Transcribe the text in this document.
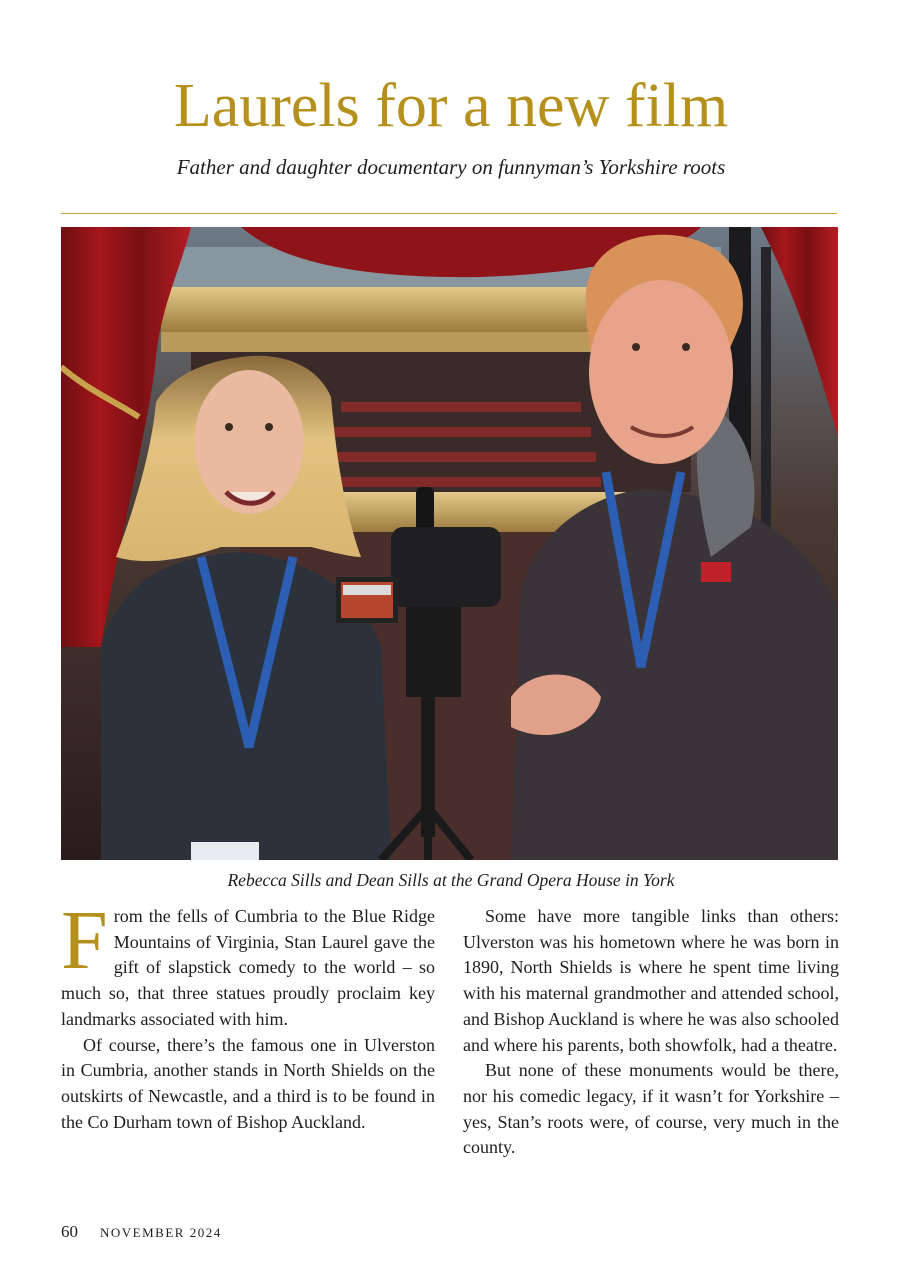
Laurels for a new film
Father and daughter documentary on funnyman’s Yorkshire roots
Rebecca Sills and Dean Sills at the Grand Opera House in York

From the fells of Cumbria to the Blue Ridge Mountains of Virginia, Stan Laurel gave the gift of slapstick comedy to the world – so much so, that three statues proudly proclaim key landmarks associated with him.

Of course, there’s the famous one in Ulverston in Cumbria, another stands in North Shields on the outskirts of Newcastle, and a third is to be found in the Co Durham town of Bishop Auckland.

Some have more tangible links than others: Ulverston was his hometown where he was born in 1890, North Shields is where he spent time living with his maternal grandmother and attended school, and Bishop Auckland is where he was also schooled and where his parents, both showfolk, had a theatre.

But none of these monuments would be there, nor his comedic legacy, if it wasn’t for Yorkshire – yes, Stan’s roots were, of course, very much in the county.

60 NOVEMBER 2024
